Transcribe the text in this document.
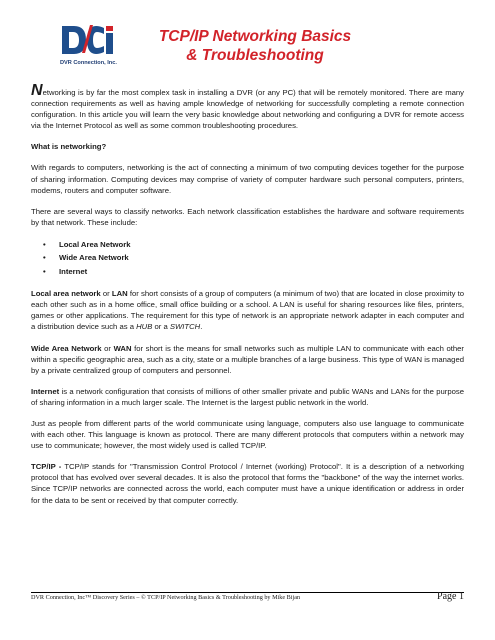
DVR Connection, Inc.
TCP/IP Networking Basics
& Troubleshooting

Networking is by far the most complex task in installing a DVR (or any PC) that will be remotely monitored. There are many connection requirements as well as having ample knowledge of networking for successfully completing a remote connection configuration. In this article you will learn the very basic knowledge about networking and configuring a DVR for remote access via the Internet Protocol as well as some common troubleshooting procedures.

What is networking?

With regards to computers, networking is the act of connecting a minimum of two computing devices together for the purpose of sharing information. Computing devices may comprise of variety of computer hardware such personal computers, printers, modems, routers and computer software.

There are several ways to classify networks. Each network classification establishes the hardware and software requirements by that network. These include:

• Local Area Network
• Wide Area Network
• Internet

Local area network or LAN for short consists of a group of computers (a minimum of two) that are located in close proximity to each other such as in a home office, small office building or a school. A LAN is useful for sharing resources like files, printers, games or other applications. The requirement for this type of network is an appropriate network adapter in each computer and a distribution device such as a HUB or a SWITCH.

Wide Area Network or WAN for short is the means for small networks such as multiple LAN to communicate with each other within a specific geographic area, such as a city, state or a multiple branches of a large business. This type of WAN is managed by a private centralized group of computers and personnel.

Internet is a network configuration that consists of millions of other smaller private and public WANs and LANs for the purpose of sharing information in a much larger scale. The Internet is the largest public network in the world.

Just as people from different parts of the world communicate using language, computers also use language to communicate with each other. This language is known as protocol. There are many different protocols that computers within a network may use to communicate; however, the most widely used is called TCP/IP.

TCP/IP - TCP/IP stands for "Transmission Control Protocol / Internet (working) Protocol". It is a description of a networking protocol that has evolved over several decades. It is also the protocol that forms the "backbone" of the way the internet works. Since TCP/IP networks are connected across the world, each computer must have a unique identification or address in order for the data to be sent or received by that computer correctly.

DVR Connection, Inc™ Discovery Series – © TCP/IP Networking Basics & Troubleshooting by Mike Bijan	Page 1
